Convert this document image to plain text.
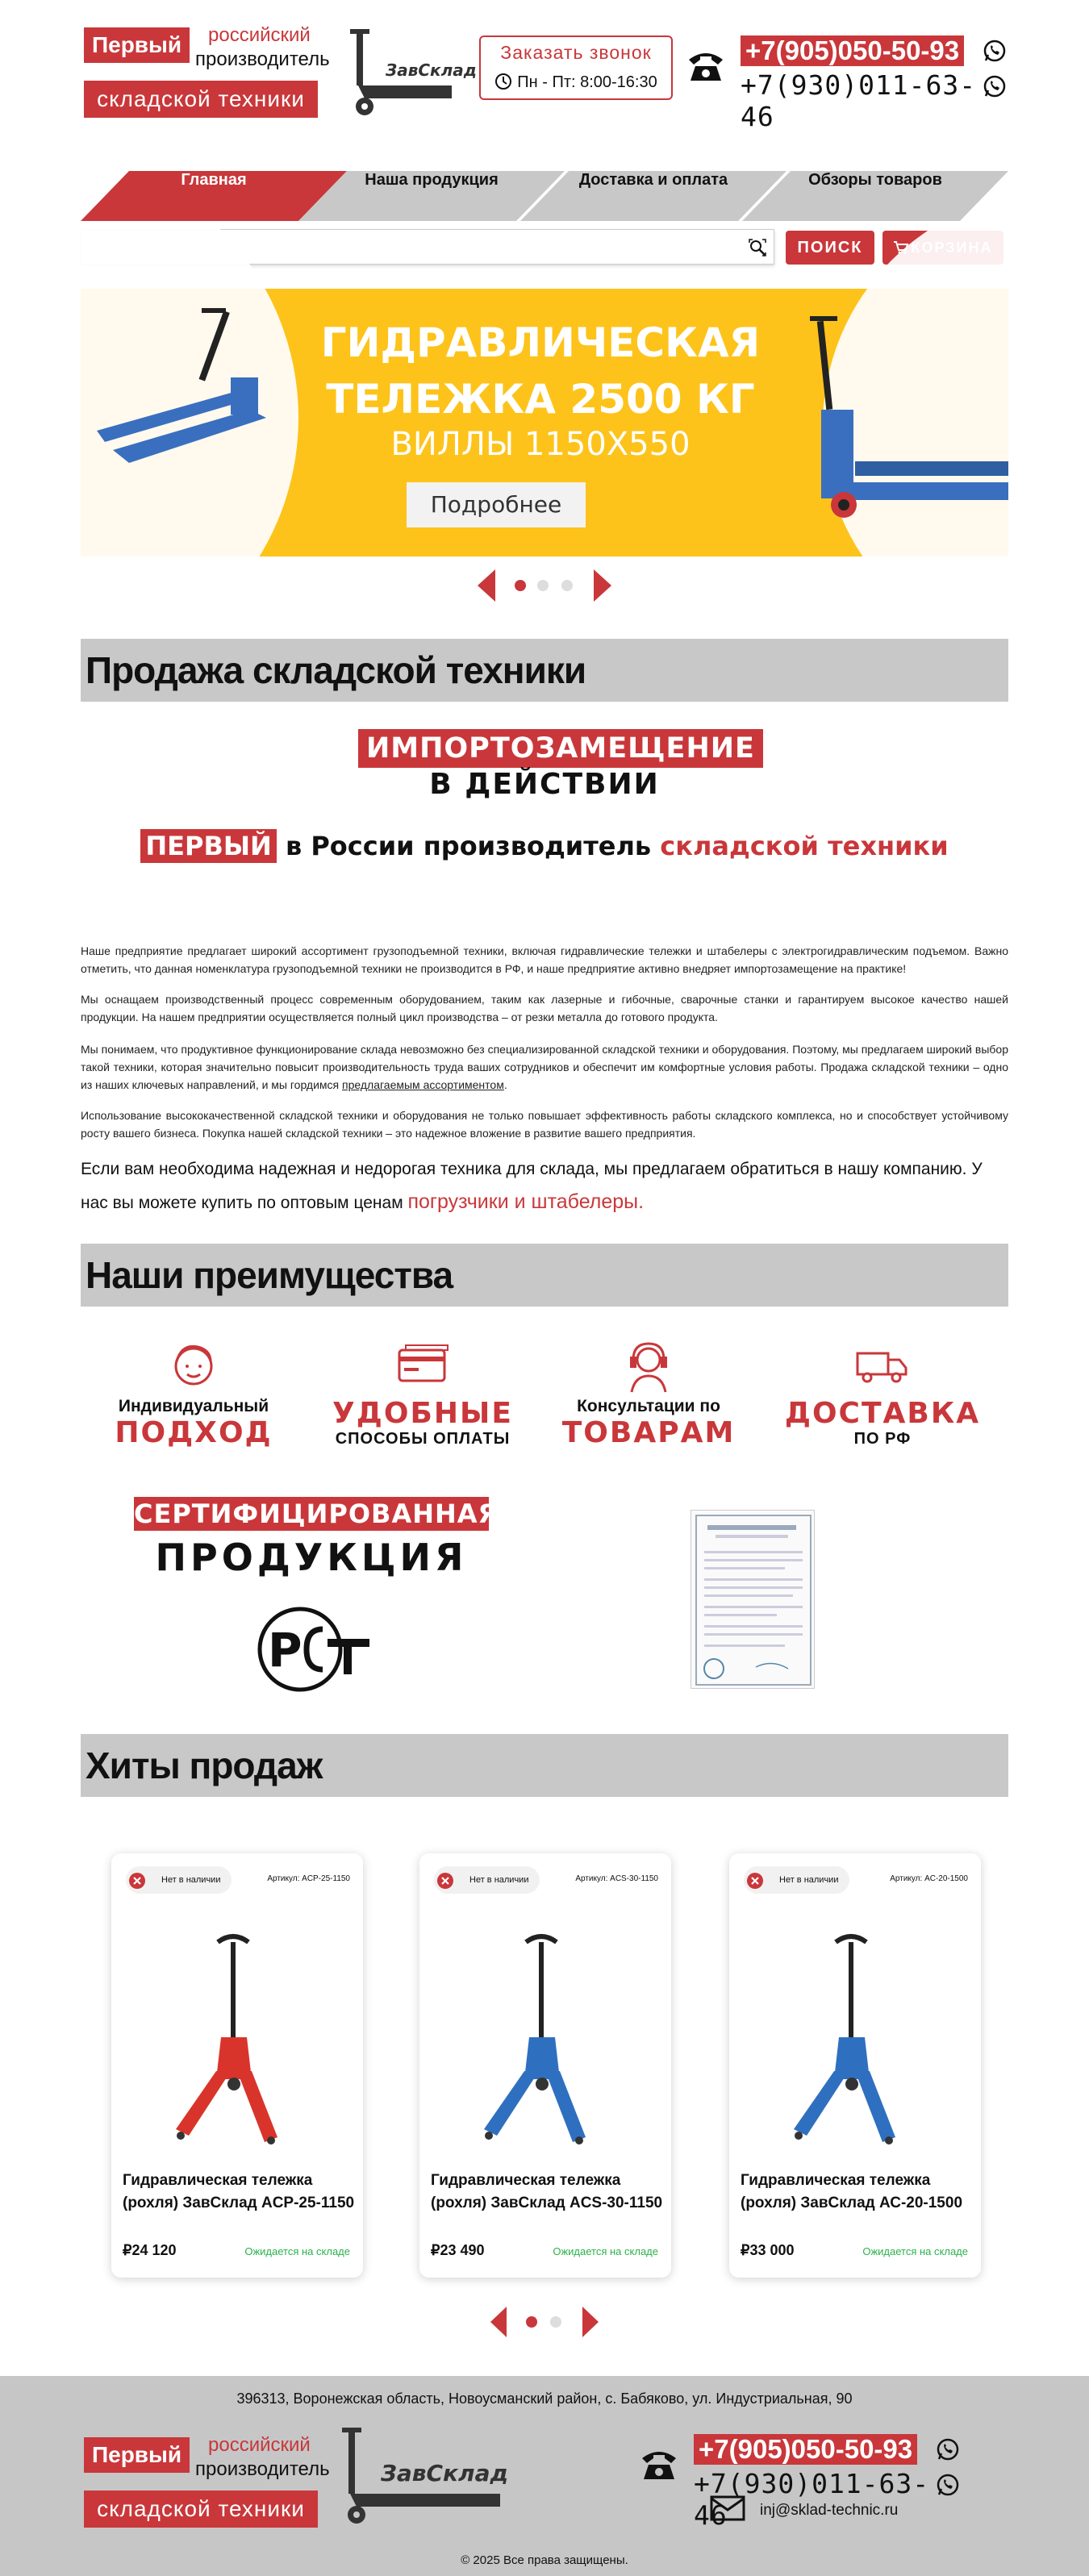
Первый	российский
производитель
складской техники
ЗавСклад
Заказать звонок
Пн - Пт: 8:00-16:30
+7(905)050-50-93
+7(930)011-63-46
Главная	Наша продукция	Доставка и оплата	Обзоры товаров
ПОИСК
ГИДРАВЛИЧЕСКАЯ
ТЕЛЕЖКА 2500 КГ
ВИЛЛЫ 1150Х550
Подробнее
Продажа складской техники
ИМПОРТОЗАМЕЩЕНИЕ
В ДЕЙСТВИИ
ПЕРВЫЙ в России производитель складской техники

Наше предприятие предлагает широкий ассортимент грузоподъемной техники, включая гидравлические тележки и штабелеры с электрогидравлическим подъемом. Важно отметить, что данная номенклатура грузоподъемной техники не производится в РФ, и наше предприятие активно внедряет импортозамещение на практике!

Мы оснащаем производственный процесс современным оборудованием, таким как лазерные и гибочные, сварочные станки и гарантируем высокое качество нашей продукции. На нашем предприятии осуществляется полный цикл производства – от резки металла до готового продукта.

Мы понимаем, что продуктивное функционирование склада невозможно без специализированной складской техники и оборудования. Поэтому, мы предлагаем широкий выбор такой техники, которая значительно повысит производительность труда ваших сотрудников и обеспечит им комфортные условия работы. Продажа складской техники – одно из наших ключевых направлений, и мы гордимся предлагаемым ассортиментом.

Использование высококачественной складской техники и оборудования не только повышает эффективность работы складского комплекса, но и способствует устойчивому росту вашего бизнеса. Покупка нашей складской техники – это надежное вложение в развитие вашего предприятия.

Если вам необходима надежная и недорогая техника для склада, мы предлагаем обратиться в нашу компанию. У нас вы можете купить по оптовым ценам погрузчики и штабелеры.

Наши преимущества
Индивидуальный
ПОДХОД
УДОБНЫЕ
СПОСОБЫ ОПЛАТЫ
Консультации по
ТОВАРАМ
ДОСТАВКА
ПО РФ
СЕРТИФИЦИРОВАННАЯ
ПРОДУКЦИЯ
Р
Хиты продаж
Нет в наличии	Артикул: ACP-25-1150
Гидравлическая тележка (рохля) ЗавСклад ACP-25-1150
₽24 120	Ожидается на складе
Нет в наличии	Артикул: ACS-30-1150
Гидравлическая тележка (рохля) ЗавСклад ACS-30-1150
₽23 490	Ожидается на складе
Нет в наличии	Артикул: AC-20-1500
Гидравлическая тележка (рохля) ЗавСклад АС-20-1500
₽33 000	Ожидается на складе
396313, Воронежская область, Новоусманский район, с. Бабяково, ул. Индустриальная, 90
Первый	российский
производитель
складской техники
ЗавСклад
+7(905)050-50-93
+7(930)011-63-46	inj@sklad-technic.ru
© 2025 Все права защищены.
